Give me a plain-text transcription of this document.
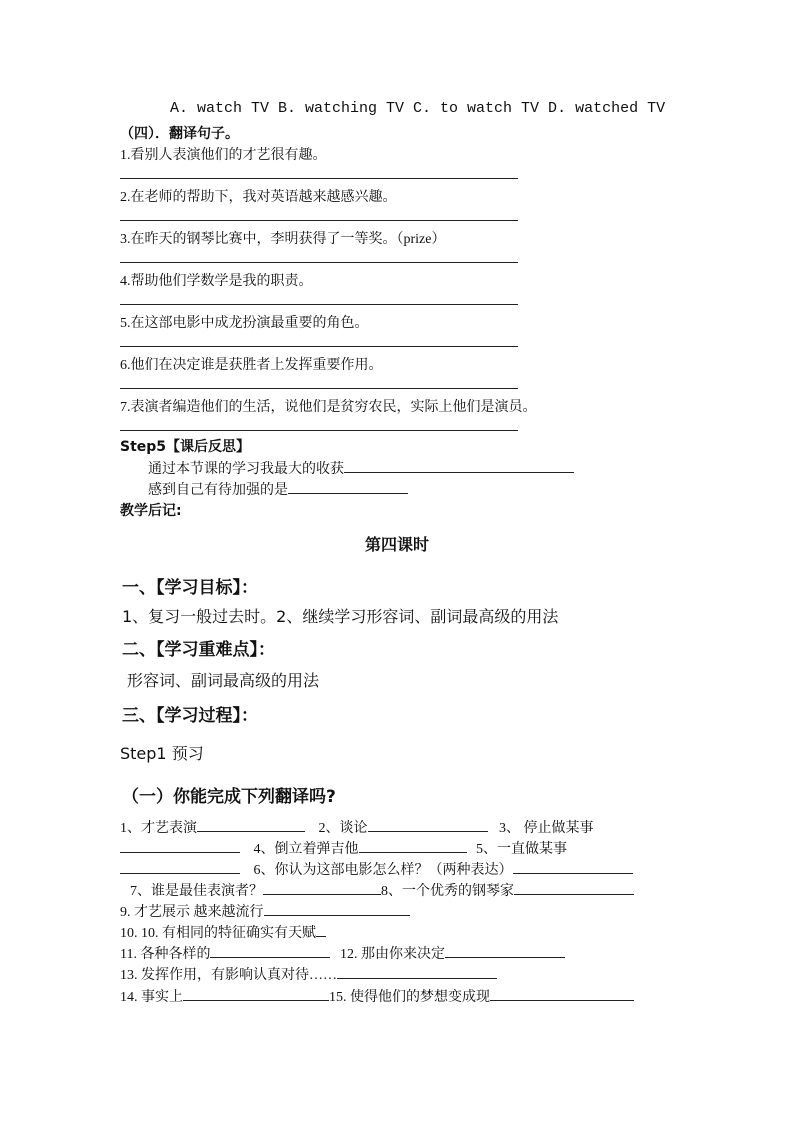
A. watch TV B. watching TV C. to watch TV D. watched TV
（四）．翻译句子。
1.看别人表演他们的才艺很有趣。
2.在老师的帮助下，我对英语越来越感兴趣。
3.在昨天的钢琴比赛中，李明获得了一等奖。（prize）
4.帮助他们学数学是我的职责。
5.在这部电影中成龙扮演最重要的角色。
6.他们在决定谁是获胜者上发挥重要作用。
7.表演者编造他们的生活，说他们是贫穷农民，实际上他们是演员。
Step5【课后反思】
通过本节课的学习我最大的收获
感到自己有待加强的是
教学后记:
第四课时
一、【学习目标】：
1、复习一般过去时。2、继续学习形容词、副词最高级的用法
二、【学习重难点】：
形容词、副词最高级的用法
三、【学习过程】：
Step1 预习
（一）你能完成下列翻译吗?
1、才艺表演	2、谈论	3、 停止做某事
4、倒立着弹吉他	5、一直做某事
6、你认为这部电影怎么样？（两种表达）
7、谁是最佳表演者？	8、一个优秀的钢琴家
9. 才艺展示 越来越流行
10. 10. 有相同的特征确实有天赋
11. 各种各样的	12. 那由你来决定
13. 发挥作用，有影响认真对待……
14. 事实上	15. 使得他们的梦想变成现
